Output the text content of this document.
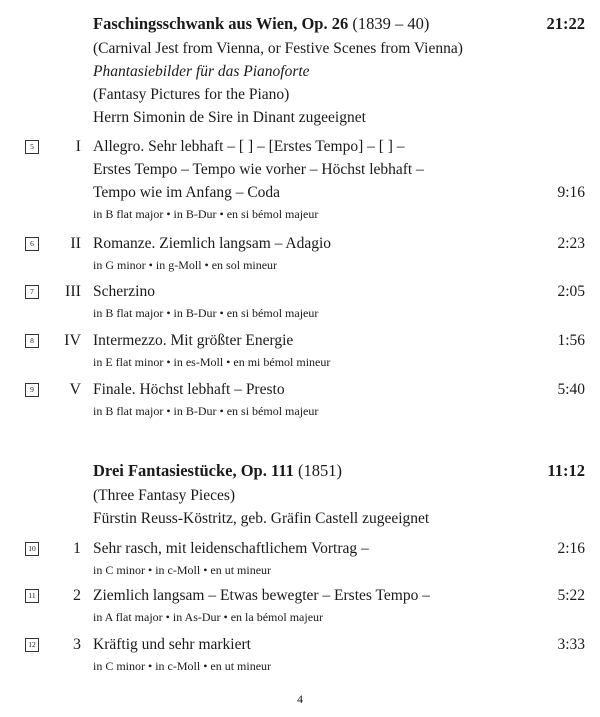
Faschingsschwank aus Wien, Op. 26 (1839 – 40)	21:22
(Carnival Jest from Vienna, or Festive Scenes from Vienna)
Phantasiebilder für das Pianoforte
(Fantasy Pictures for the Piano)
Herrn Simonin de Sire in Dinant zugeeignet
5	I Allegro. Sehr lebhaft – [ ] – [Erstes Tempo] – [ ] –
Erstes Tempo – Tempo wie vorher – Höchst lebhaft –
Tempo wie im Anfang – Coda	9:16
in B flat major • in B-Dur • en si bémol majeur
6	II Romanze. Ziemlich langsam – Adagio	2:23
in G minor • in g-Moll • en sol mineur
7	III Scherzino	2:05
in B flat major • in B-Dur • en si bémol majeur
8	IV Intermezzo. Mit größter Energie	1:56
in E flat minor • in es-Moll • en mi bémol mineur
9	V Finale. Höchst lebhaft – Presto	5:40
in B flat major • in B-Dur • en si bémol majeur
Drei Fantasiestücke, Op. 111 (1851)	11:12
(Three Fantasy Pieces)
Fürstin Reuss-Köstritz, geb. Gräfin Castell zugeeignet
10 1 Sehr rasch, mit leidenschaftlichem Vortrag –	2:16
in C minor • in c-Moll • en ut mineur
11 2 Ziemlich langsam – Etwas bewegter – Erstes Tempo –	5:22
in A flat major • in As-Dur • en la bémol majeur
12 3 Kräftig und sehr markiert	3:33
in C minor • in c-Moll • en ut mineur
4
